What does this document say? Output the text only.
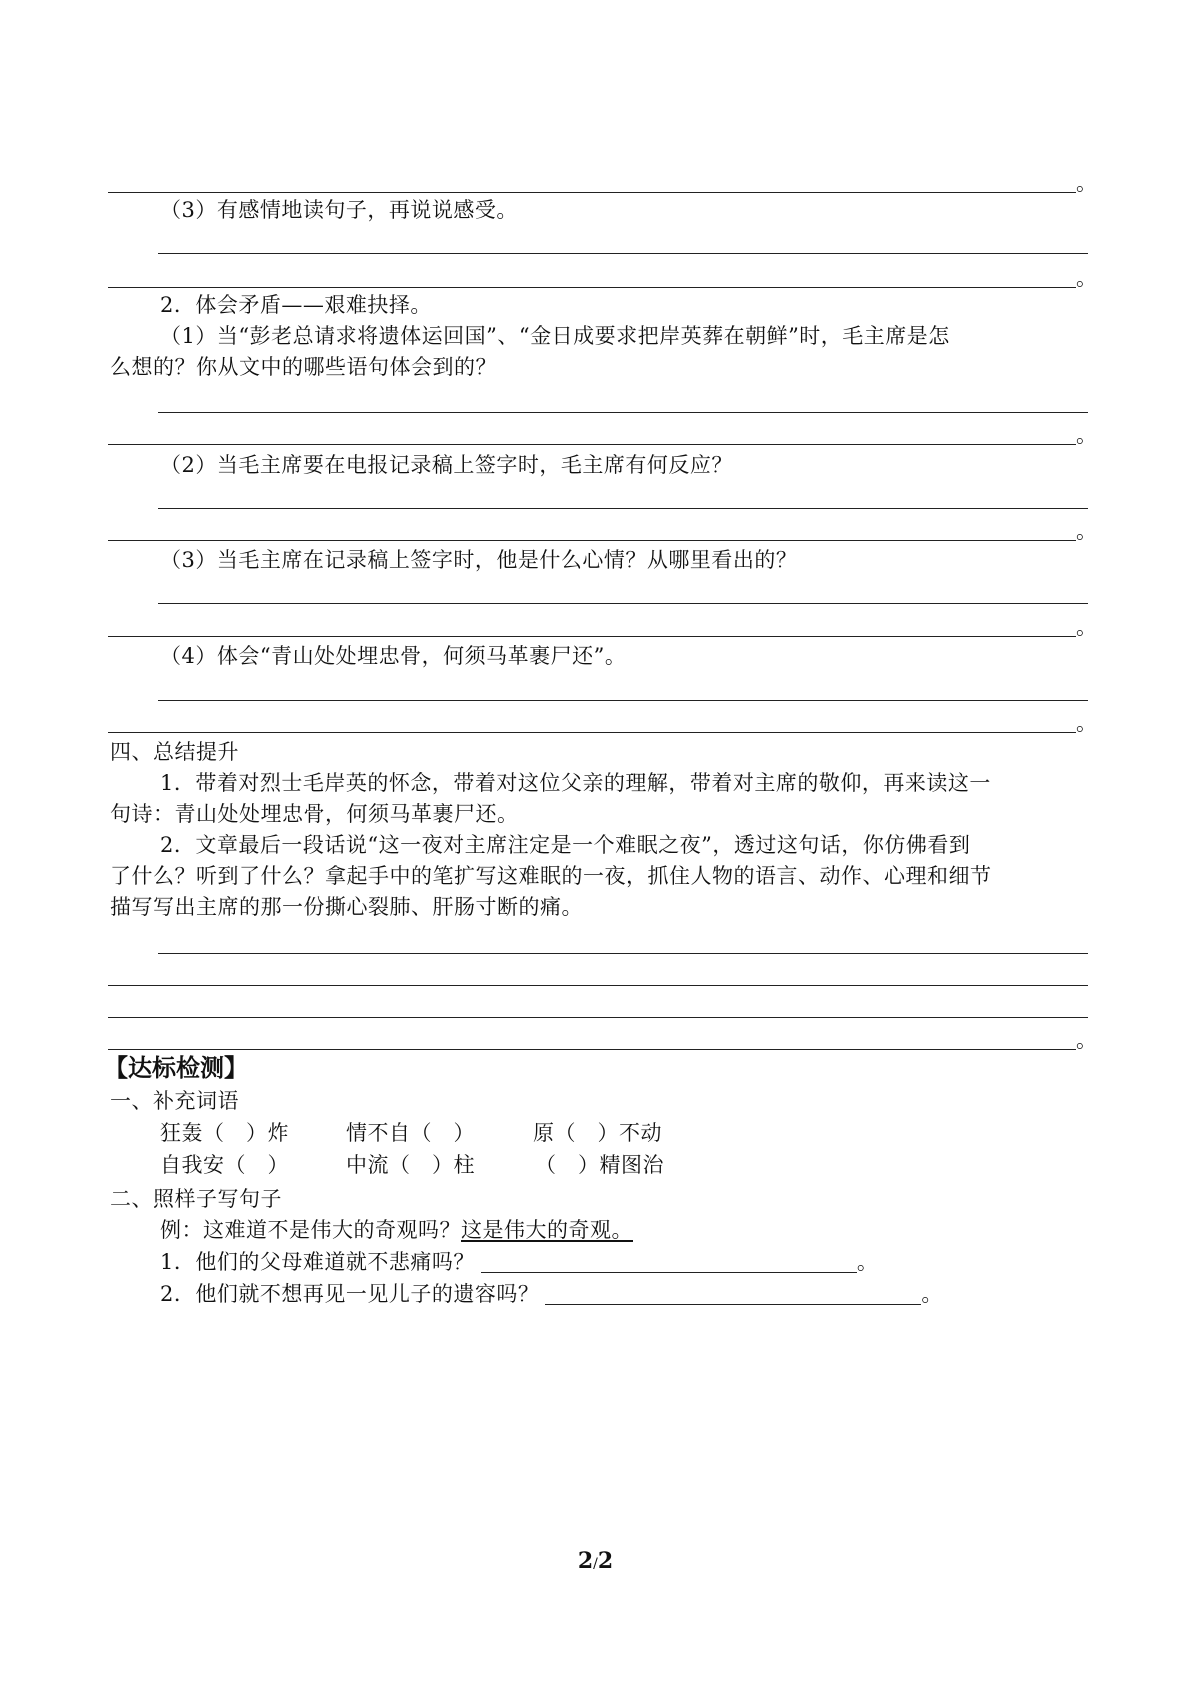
。
（3）有感情地读句子，再说说感受。
。
2．体会矛盾——艰难抉择。
（1）当“彭老总请求将遗体运回国”、“金日成要求把岸英葬在朝鲜”时，毛主席是怎
么想的？你从文中的哪些语句体会到的？
。
（2）当毛主席要在电报记录稿上签字时，毛主席有何反应？
。
（3）当毛主席在记录稿上签字时，他是什么心情？从哪里看出的？
。
（4）体会“青山处处埋忠骨，何须马革裹尸还”。
。
四、总结提升
1．带着对烈士毛岸英的怀念，带着对这位父亲的理解，带着对主席的敬仰，再来读这一
句诗：青山处处埋忠骨，何须马革裹尸还。
2．文章最后一段话说“这一夜对主席注定是一个难眠之夜”，透过这句话，你仿佛看到
了什么？听到了什么？拿起手中的笔扩写这难眠的一夜，抓住人物的语言、动作、心理和细节
描写写出主席的那一份撕心裂肺、肝肠寸断的痛。
。
【达标检测】
一、补充词语
狂轰（　）炸	情不自（　）	原（　）不动
自我安（　）	中流（　）柱	（　）精图治
二、照样子写句子
例：这难道不是伟大的奇观吗？这是伟大的奇观。
1．他们的父母难道就不悲痛吗？	。
2．他们就不想再见一见儿子的遗容吗？	。
2/2
